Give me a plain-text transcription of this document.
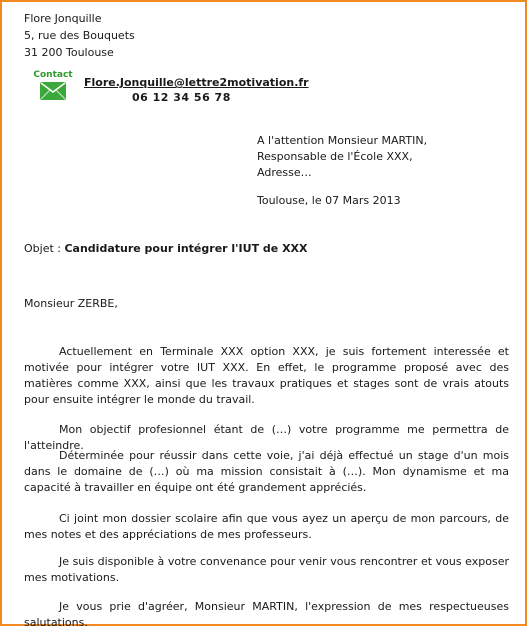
Flore Jonquille
5, rue des Bouquets
31 200 Toulouse
Contact
Flore.Jonquille@lettre2motivation.fr
06 12 34 56 78
A l'attention Monsieur MARTIN,
Responsable de l'École XXX,
Adresse…
Toulouse, le 07 Mars 2013
Objet : Candidature pour intégrer l'IUT de XXX
Monsieur ZERBE,
Actuellement en Terminale XXX option XXX, je suis fortement interessée et motivée pour intégrer votre IUT XXX. En effet, le programme proposé avec des matières comme XXX, ainsi que les travaux pratiques et stages sont de vrais atouts pour ensuite intégrer le monde du travail.
Mon objectif profesionnel étant de (…) votre programme me permettra de l'atteindre.
Déterminée pour réussir dans cette voie, j'ai déjà effectué un stage d'un mois dans le domaine de (…) où ma mission consistait à (…). Mon dynamisme et ma capacité à travailler en équipe ont été grandement appréciés.
Ci joint mon dossier scolaire afin que vous ayez un aperçu de mon parcours, de mes notes et des appréciations de mes professeurs.
Je suis disponible à votre convenance pour venir vous rencontrer et vous exposer mes motivations.
Je vous prie d'agréer, Monsieur MARTIN, l'expression de mes respectueuses salutations.
